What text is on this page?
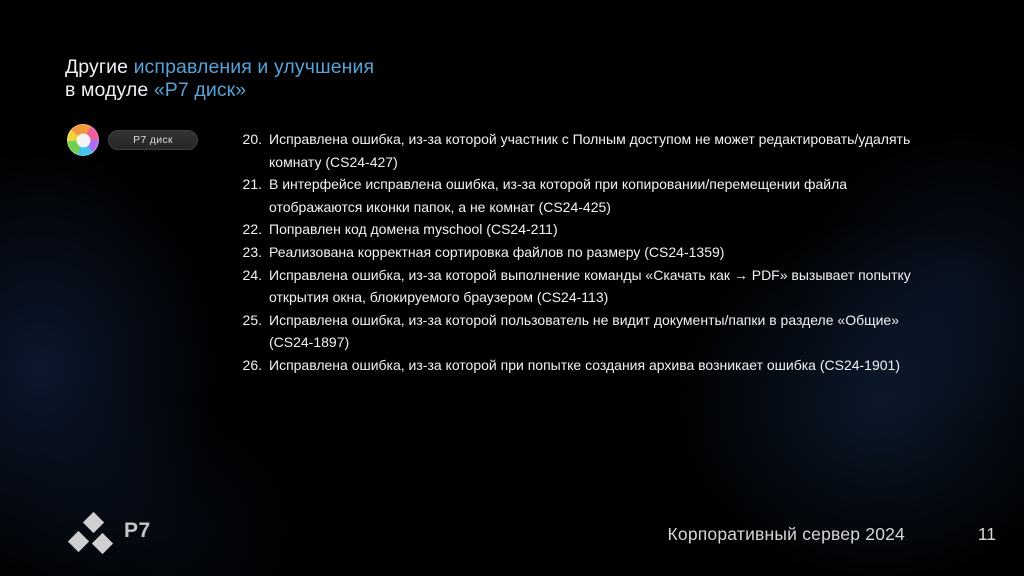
Другие исправления и улучшения
в модуле «Р7 диск»
Р7 диск	20. Исправлена ошибка, из-за которой участник с Полным доступом не может редактировать/удалять комнату (CS24-427)
21. В интерфейсе исправлена ошибка, из-за которой при копировании/перемещении файла отображаются иконки папок, а не комнат (CS24-425)
22. Поправлен код домена myschool (CS24-211)
23. Реализована корректная сортировка файлов по размеру (CS24-1359)
24. Исправлена ошибка, из-за которой выполнение команды «Скачать как → PDF» вызывает попытку открытия окна, блокируемого браузером (CS24-113)
25. Исправлена ошибка, из-за которой пользователь не видит документы/папки в разделе «Общие» (CS24-1897)
26. Исправлена ошибка, из-за которой при попытке создания архива возникает ошибка (CS24-1901)
P7	Корпоративный сервер 2024	11
